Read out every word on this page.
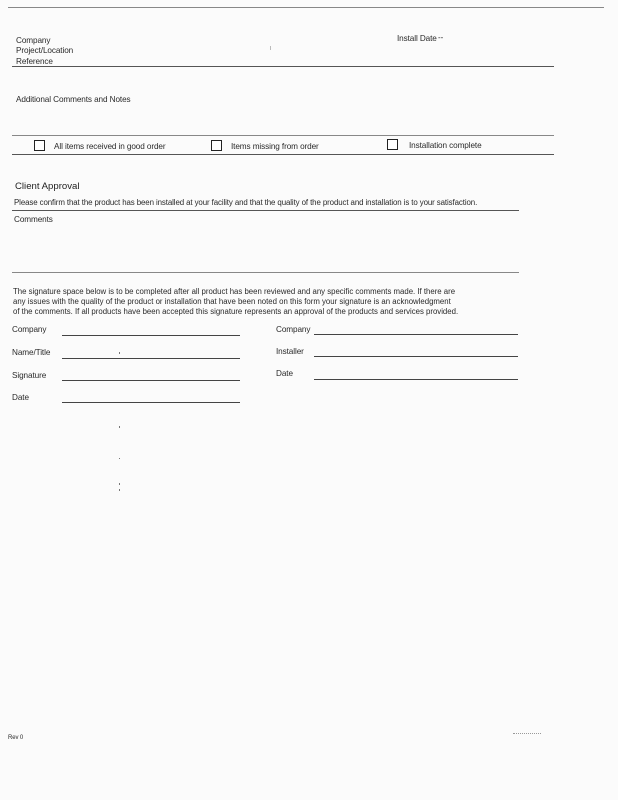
Company
Project/Location
Reference
Install Date --
Additional Comments and Notes
All items received in good order	Items missing from order	Installation complete
Client Approval
Please confirm that the product has been installed at your facility and that the quality of the product and installation is to your satisfaction.
Comments
The signature space below is to be completed after all product has been reviewed and any specific comments made. If there are
any issues with the quality of the product or installation that have been noted on this form your signature is an acknowledgment
of the comments. If all products have been accepted this signature represents an approval of the products and services provided.
Company
Name/Title
Signature
Date
Company
Installer
Date
Rev 0
